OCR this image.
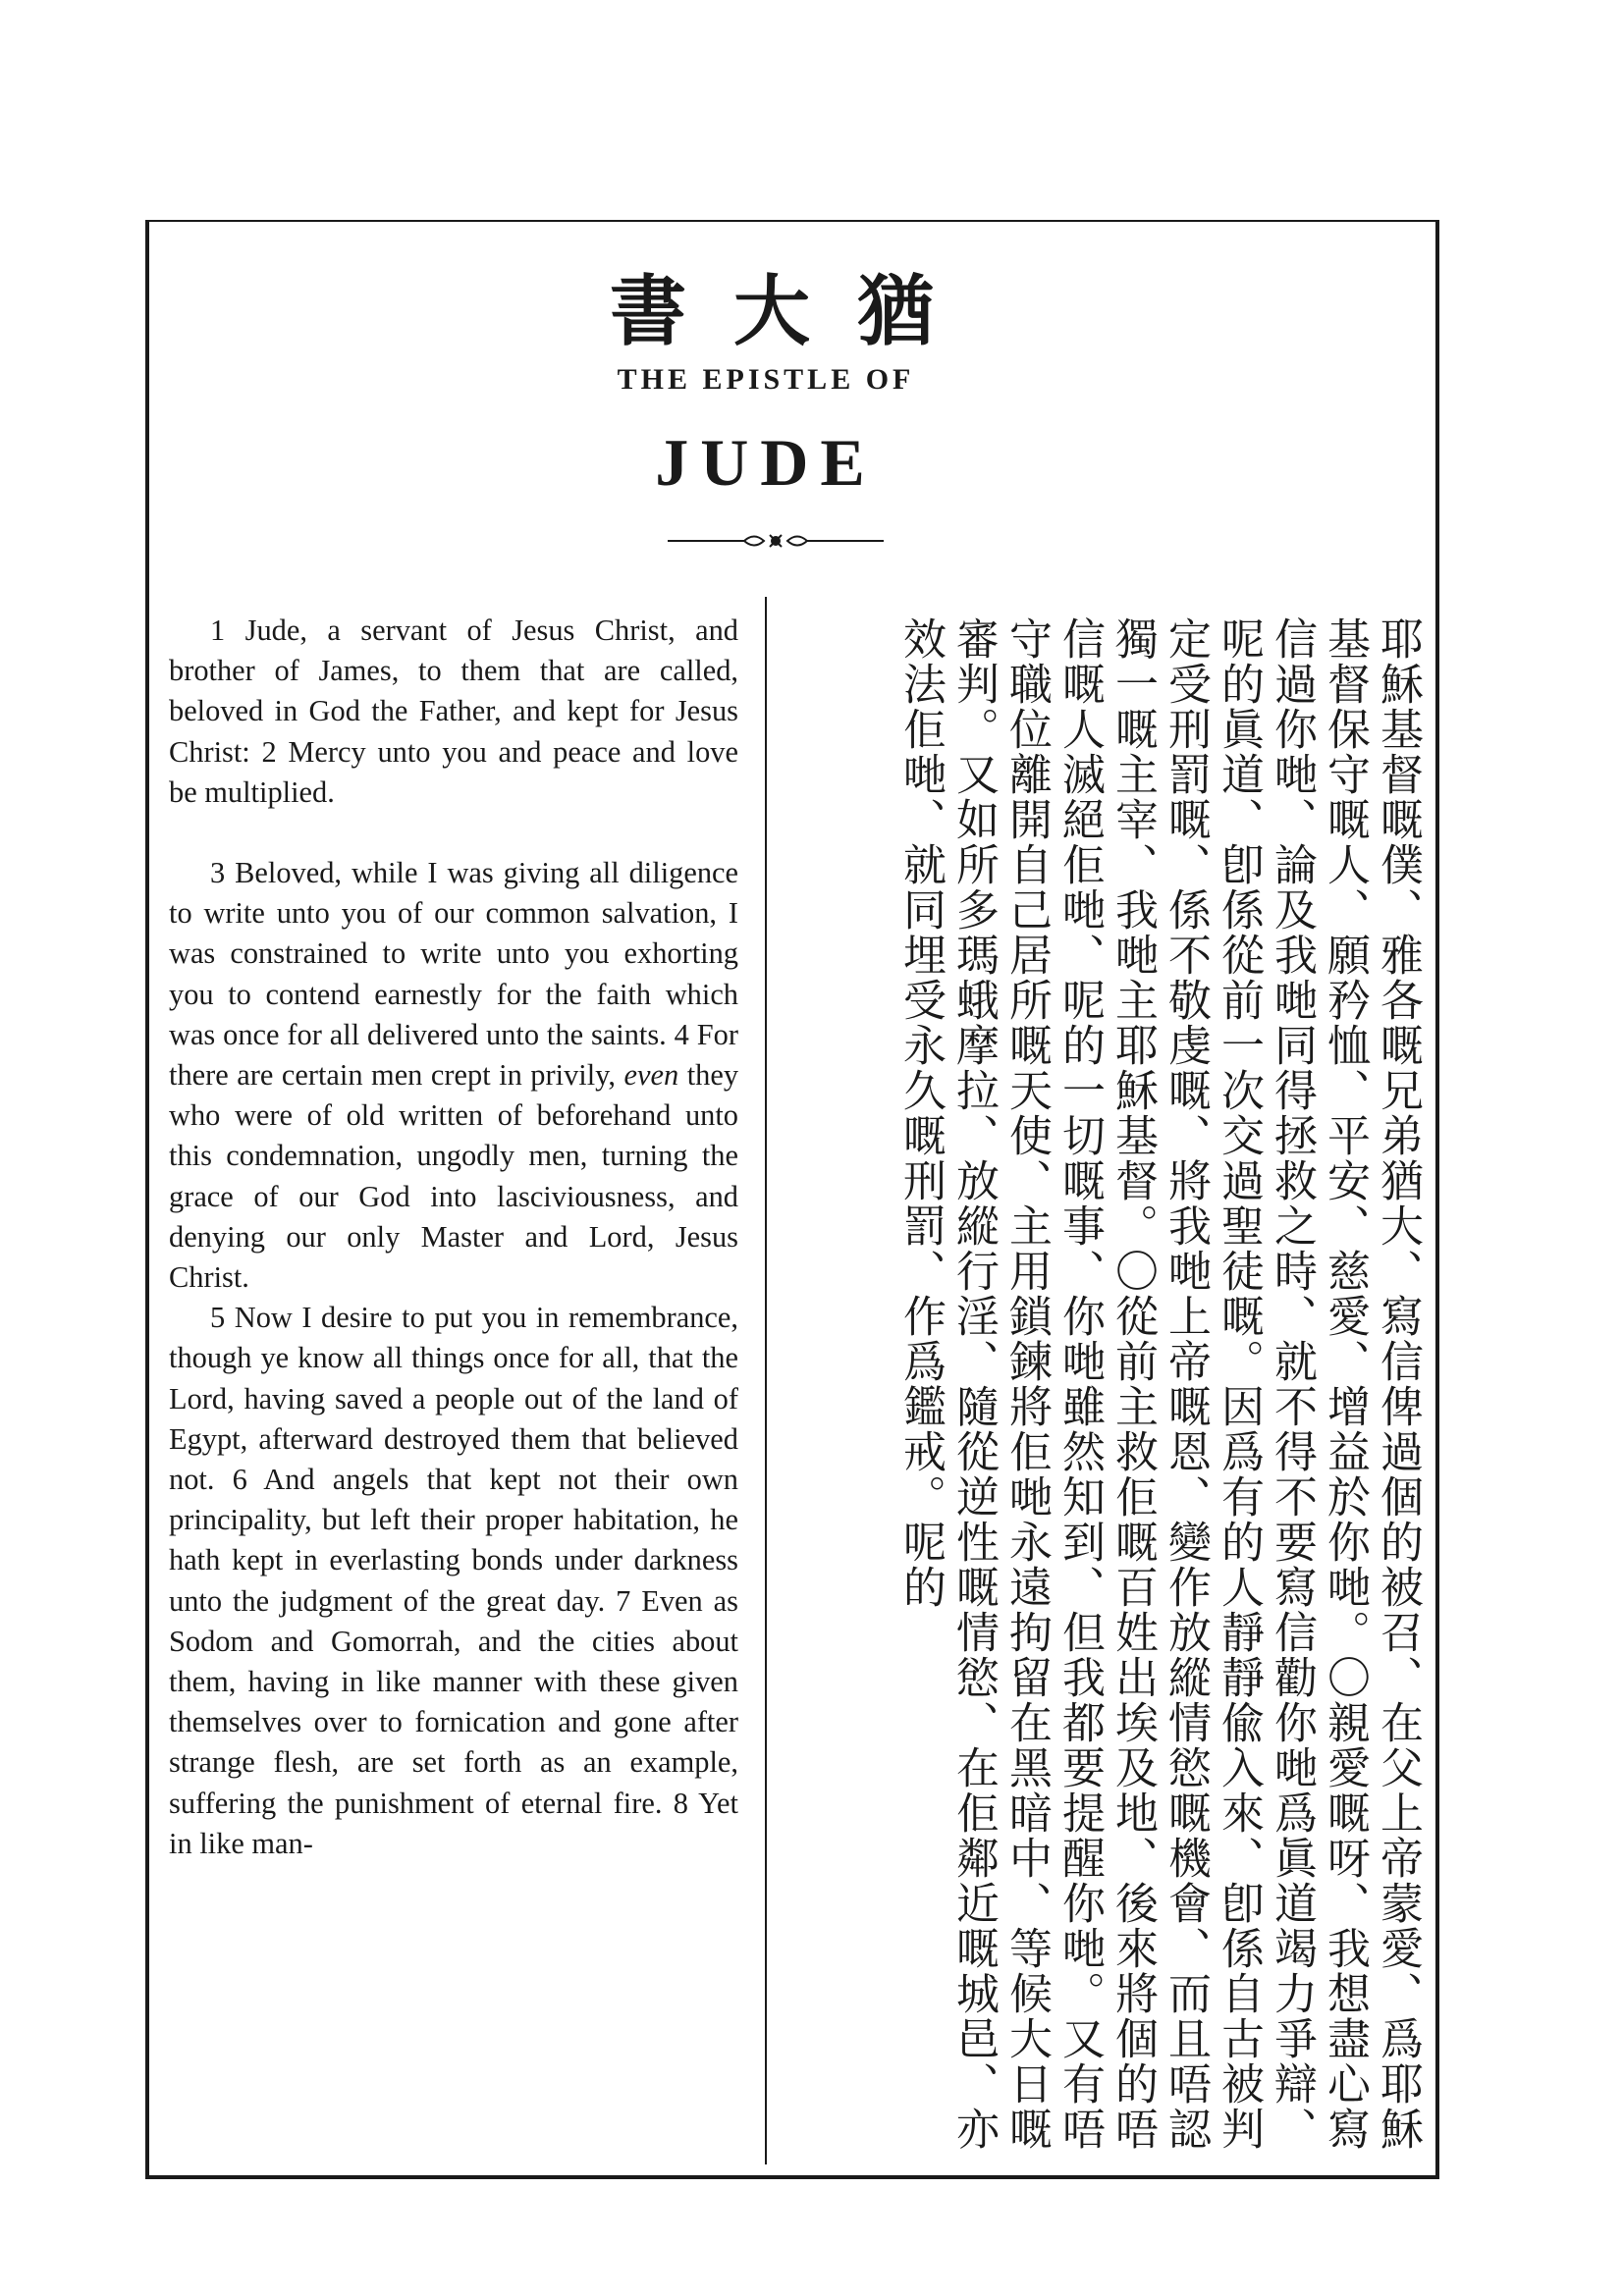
書大猶
THE EPISTLE OF
JUDE

1 Jude, a servant of Jesus Christ, and brother of James, to them that are called, beloved in God the Father, and kept for Jesus Christ: 2 Mercy unto you and peace and love be multiplied.

3 Beloved, while I was giving all diligence to write unto you of our common salvation, I was constrained to write unto you exhorting you to contend earnestly for the faith which was once for all delivered unto the saints. 4 For there are certain men crept in privily, even they who were of old written of beforehand unto this condemnation, ungodly men, turning the grace of our God into lasciviousness, and denying our only Master and Lord, Jesus Christ.

5 Now I desire to put you in remembrance, though ye know all things once for all, that the Lord, having saved a people out of the land of Egypt, afterward destroyed them that believed not. 6 And angels that kept not their own principality, but left their proper habitation, he hath kept in everlasting bonds under darkness unto the judgment of the great day. 7 Even as Sodom and Gomorrah, and the cities about them, having in like manner with these given themselves over to fornication and gone after strange flesh, are set forth as an example, suffering the punishment of eternal fire. 8 Yet in like man-	耶穌基督嘅僕、雅各嘅兄弟猶大、寫信俾過個的被召、在父上帝蒙愛、爲耶穌基督保守嘅人、願矜恤、平安、慈愛、增益於你哋。〇親愛嘅呀、我想盡心寫信過你哋、論及我哋同得拯救之時、就不得不要寫信勸你哋爲眞道竭力爭辯、呢的眞道、卽係從前一次交過聖徒嘅。因爲有的人靜靜偸入來、卽係自古被判定受刑罰嘅、係不敬虔嘅、將我哋上帝嘅恩、變作放縱情慾嘅機會、而且唔認獨一嘅主宰、我哋主耶穌基督。〇從前主救佢嘅百姓出埃及地、後來將個的唔信嘅人滅絕佢哋、呢的一切嘅事、你哋雖然知到、但我都要提醒你哋。又有唔守職位離開自己居所嘅天使、主用鎖鍊將佢哋永遠拘留在黑暗中、等候大日嘅審判。又如所多瑪蛾摩拉、放縱行淫、隨從逆性嘅情慾、在佢鄰近嘅城邑、亦效法佢哋、就同埋受永久嘅刑罰、作爲鑑戒。呢的
